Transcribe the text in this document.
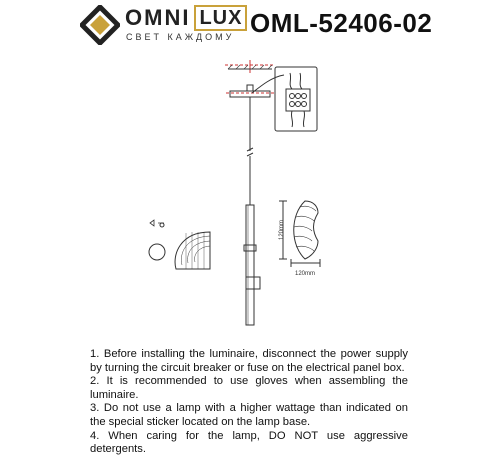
OMNI LUX
СВЕТ КАЖДОМУ OML-52406-02
120mm
120mm

1. Before installing the luminaire, disconnect the power supply by turning the circuit breaker or fuse on the electrical panel box.

2. It is recommended to use gloves when assembling the luminaire.

3. Do not use a lamp with a higher wattage than indicated on the special sticker located on the lamp base.

4. When caring for the lamp, DO NOT use aggressive detergents.
